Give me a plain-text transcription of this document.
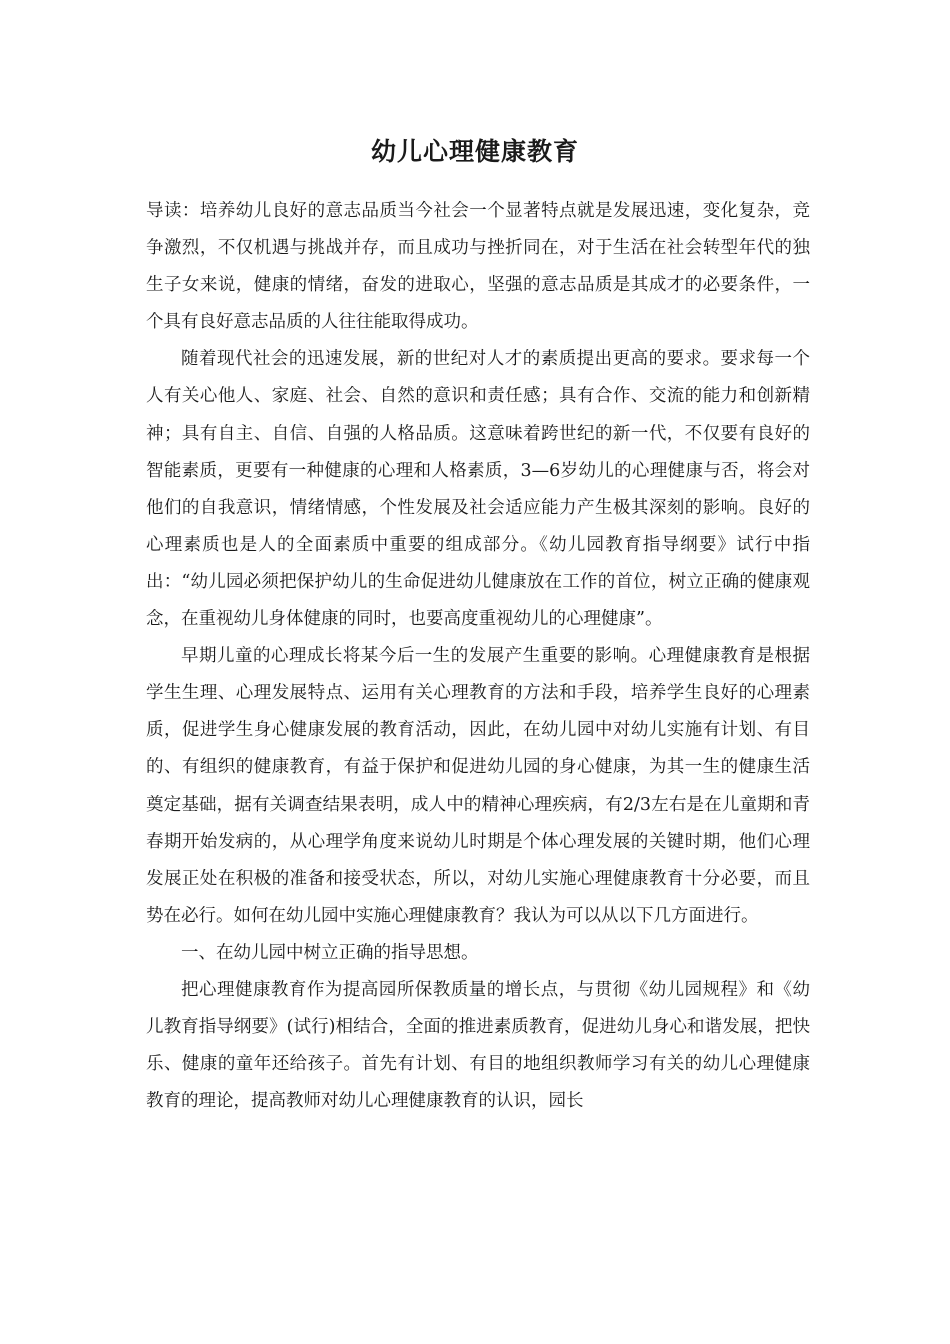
幼儿心理健康教育

导读：培养幼儿良好的意志品质当今社会一个显著特点就是发展迅速，变化复杂，竞争激烈，不仅机遇与挑战并存，而且成功与挫折同在，对于生活在社会转型年代的独生子女来说，健康的情绪，奋发的进取心，坚强的意志品质是其成才的必要条件，一个具有良好意志品质的人往往能取得成功。

随着现代社会的迅速发展，新的世纪对人才的素质提出更高的要求。要求每一个人有关心他人、家庭、社会、自然的意识和责任感；具有合作、交流的能力和创新精神；具有自主、自信、自强的人格品质。这意味着跨世纪的新一代，不仅要有良好的智能素质，更要有一种健康的心理和人格素质，3—6岁幼儿的心理健康与否，将会对他们的自我意识，情绪情感，个性发展及社会适应能力产生极其深刻的影响。良好的心理素质也是人的全面素质中重要的组成部分。《幼儿园教育指导纲要》试行中指出：“幼儿园必须把保护幼儿的生命促进幼儿健康放在工作的首位，树立正确的健康观念，在重视幼儿身体健康的同时，也要高度重视幼儿的心理健康”。

早期儿童的心理成长将某今后一生的发展产生重要的影响。心理健康教育是根据学生生理、心理发展特点、运用有关心理教育的方法和手段，培养学生良好的心理素质，促进学生身心健康发展的教育活动，因此，在幼儿园中对幼儿实施有计划、有目的、有组织的健康教育，有益于保护和促进幼儿园的身心健康，为其一生的健康生活奠定基础，据有关调查结果表明，成人中的精神心理疾病，有2/3左右是在儿童期和青春期开始发病的，从心理学角度来说幼儿时期是个体心理发展的关键时期，他们心理发展正处在积极的准备和接受状态，所以，对幼儿实施心理健康教育十分必要，而且势在必行。如何在幼儿园中实施心理健康教育？我认为可以从以下几方面进行。

一、在幼儿园中树立正确的指导思想。

把心理健康教育作为提高园所保教质量的增长点，与贯彻《幼儿园规程》和《幼儿教育指导纲要》(试行)相结合，全面的推进素质教育，促进幼儿身心和谐发展，把快乐、健康的童年还给孩子。首先有计划、有目的地组织教师学习有关的幼儿心理健康教育的理论，提高教师对幼儿心理健康教育的认识，园长
